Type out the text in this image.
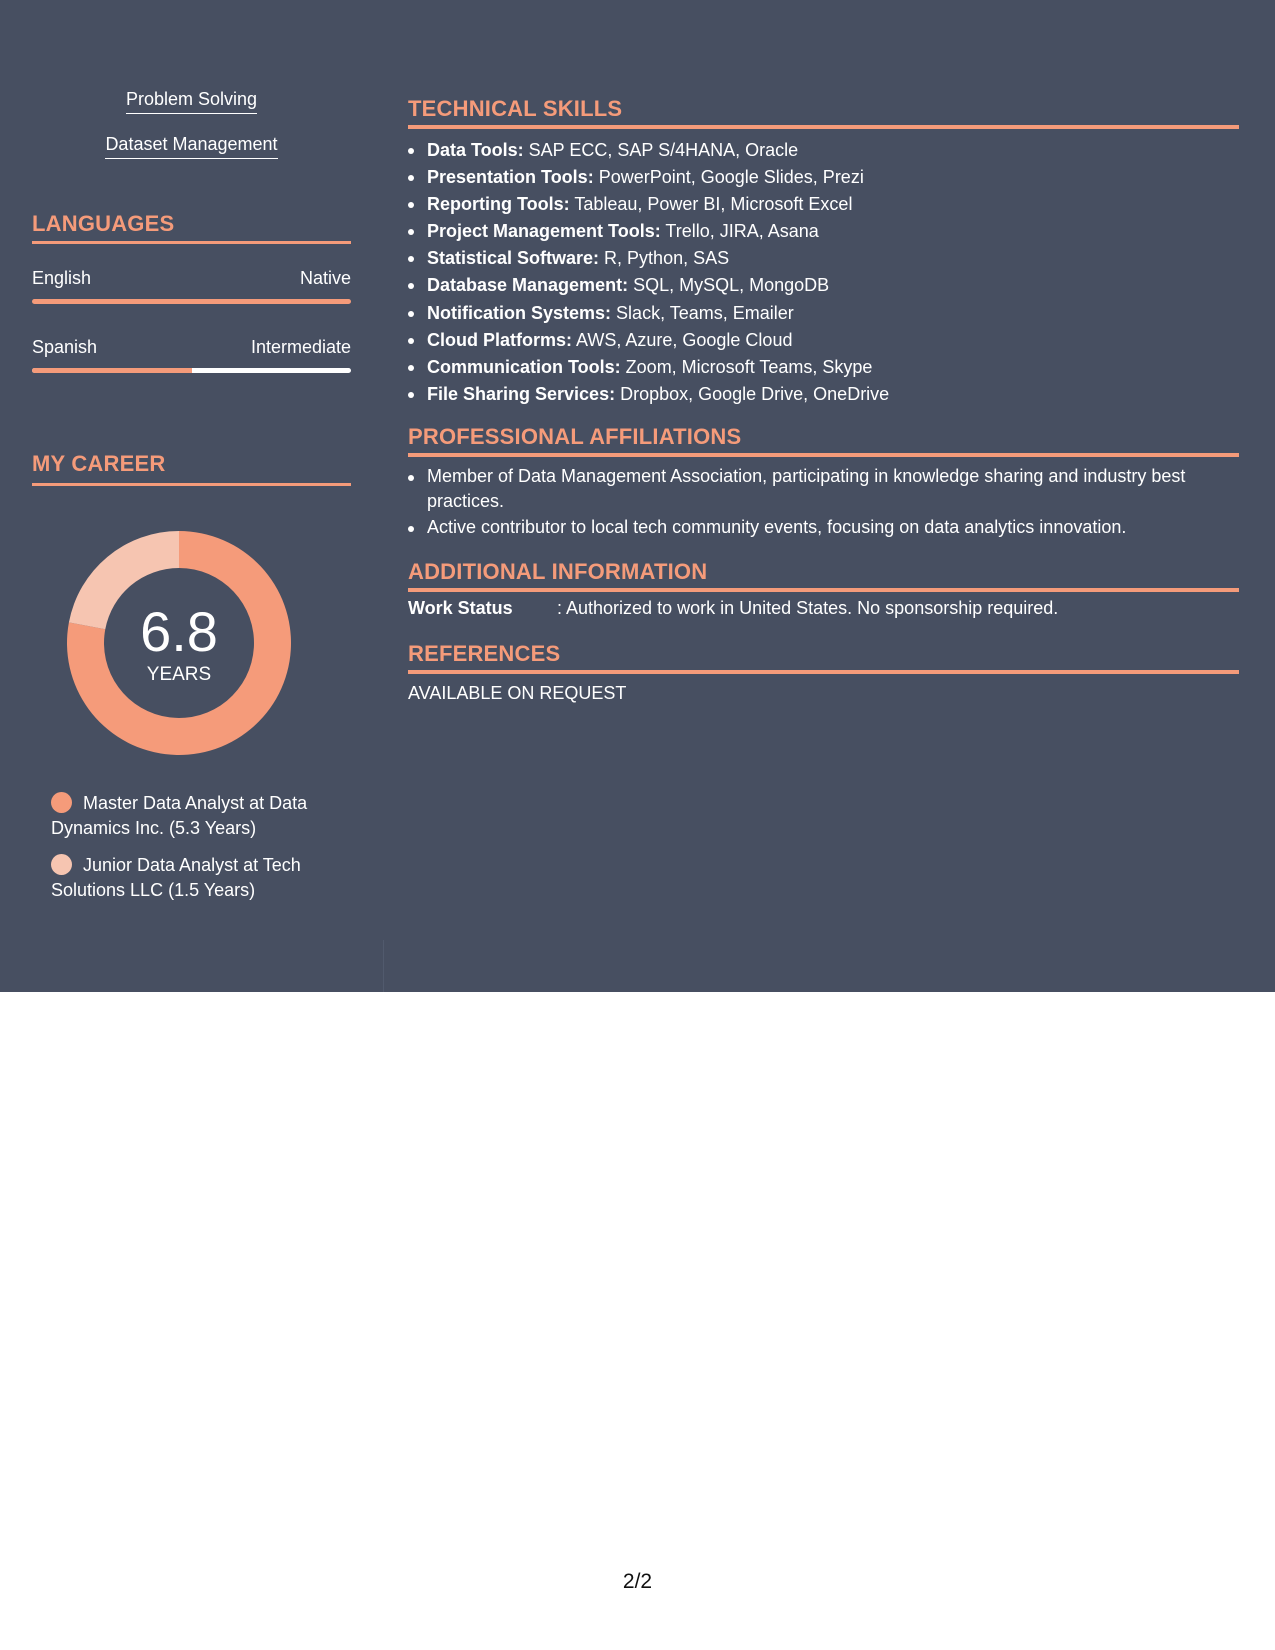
Problem Solving
Dataset Management
LANGUAGES
English	Native
Spanish	Intermediate
MY CAREER
6.8
YEARS
Master Data Analyst at Data Dynamics Inc. (5.3 Years)
Junior Data Analyst at Tech Solutions LLC (1.5 Years)
TECHNICAL SKILLS
Data Tools: SAP ECC, SAP S/4HANA, Oracle
Presentation Tools: PowerPoint, Google Slides, Prezi
Reporting Tools: Tableau, Power BI, Microsoft Excel
Project Management Tools: Trello, JIRA, Asana
Statistical Software: R, Python, SAS
Database Management: SQL, MySQL, MongoDB
Notification Systems: Slack, Teams, Emailer
Cloud Platforms: AWS, Azure, Google Cloud
Communication Tools: Zoom, Microsoft Teams, Skype
File Sharing Services: Dropbox, Google Drive, OneDrive
PROFESSIONAL AFFILIATIONS
Member of Data Management Association, participating in knowledge sharing and industry best practices.
Active contributor to local tech community events, focusing on data analytics innovation.
ADDITIONAL INFORMATION
Work Status : Authorized to work in United States. No sponsorship required.
REFERENCES
AVAILABLE ON REQUEST
2/2
